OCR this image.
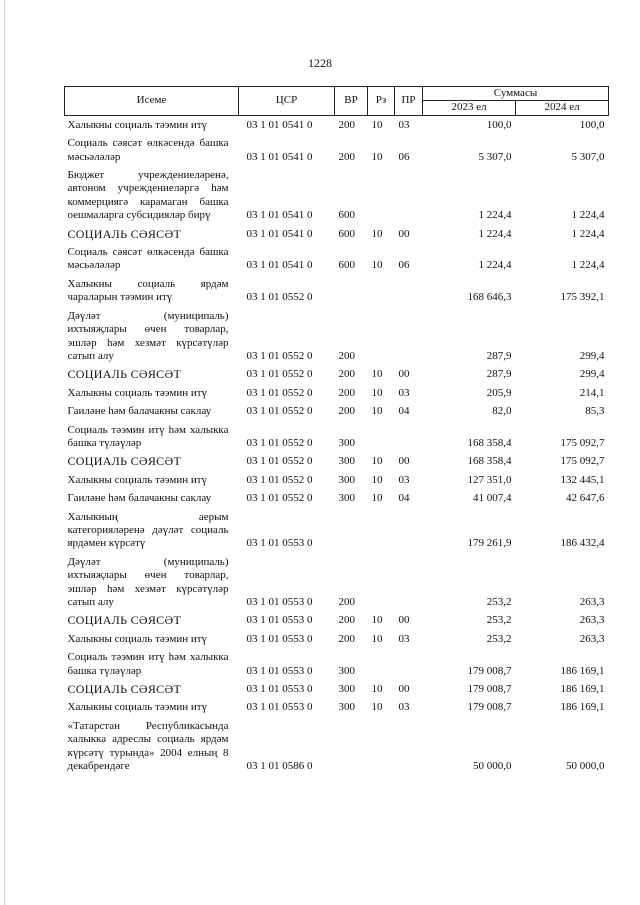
1228
Исеме	ЦСР	ВР	Рз	ПР	Суммасы	
					2023 ел	2024 ел
Халыкны социаль тәэмин итү	03 1 01 0541 0	200	10	03	100,0	100,0
Социаль сәясәт өлкәсендә башка мәсьәләләр	03 1 01 0541 0	200	10	06	5 307,0	5 307,0
Бюджет учреждениеләренә, автоном учреждениеләргә һәм коммерциягә карамаган башка оешмаларга субсидияләр бирү	03 1 01 0541 0	600			1 224,4	1 224,4
СОЦИАЛЬ СӘЯСӘТ	03 1 01 0541 0	600	10	00	1 224,4	1 224,4
Социаль сәясәт өлкәсендә башка мәсьәләләр	03 1 01 0541 0	600	10	06	1 224,4	1 224,4
Халыкны социаль ярдәм чараларын тәэмин итү	03 1 01 0552 0				168 646,3	175 392,1
Дәүләт (муниципаль) ихтыяҗлары өчен товарлар, эшләр һәм хезмәт күрсәтүләр сатып алу	03 1 01 0552 0	200			287,9	299,4
СОЦИАЛЬ СӘЯСӘТ	03 1 01 0552 0	200	10	00	287,9	299,4
Халыкны социаль тәэмин итү	03 1 01 0552 0	200	10	03	205,9	214,1
Гаиләне һәм балачакны саклау	03 1 01 0552 0	200	10	04	82,0	85,3
Социаль тәэмин итү һәм халыкка башка түләүләр	03 1 01 0552 0	300			168 358,4	175 092,7
СОЦИАЛЬ СӘЯСӘТ	03 1 01 0552 0	300	10	00	168 358,4	175 092,7
Халыкны социаль тәэмин итү	03 1 01 0552 0	300	10	03	127 351,0	132 445,1
Гаиләне һәм балачакны саклау	03 1 01 0552 0	300	10	04	41 007,4	42 647,6
Халыкның аерым категорияләренә дәүләт социаль ярдәмен күрсәтү	03 1 01 0553 0				179 261,9	186 432,4
Дәүләт (муниципаль) ихтыяҗлары өчен товарлар, эшләр һәм хезмәт күрсәтүләр сатып алу	03 1 01 0553 0	200			253,2	263,3
СОЦИАЛЬ СӘЯСӘТ	03 1 01 0553 0	200	10	00	253,2	263,3
Халыкны социаль тәэмин итү	03 1 01 0553 0	200	10	03	253,2	263,3
Социаль тәэмин итү һәм халыкка башка түләүләр	03 1 01 0553 0	300			179 008,7	186 169,1
СОЦИАЛЬ СӘЯСӘТ	03 1 01 0553 0	300	10	00	179 008,7	186 169,1
Халыкны социаль тәэмин итү	03 1 01 0553 0	300	10	03	179 008,7	186 169,1
«Татарстан Республикасында халыкка адреслы социаль ярдәм күрсәтү турында» 2004 елның 8 декабрендәге	03 1 01 0586 0				50 000,0	50 000,0
